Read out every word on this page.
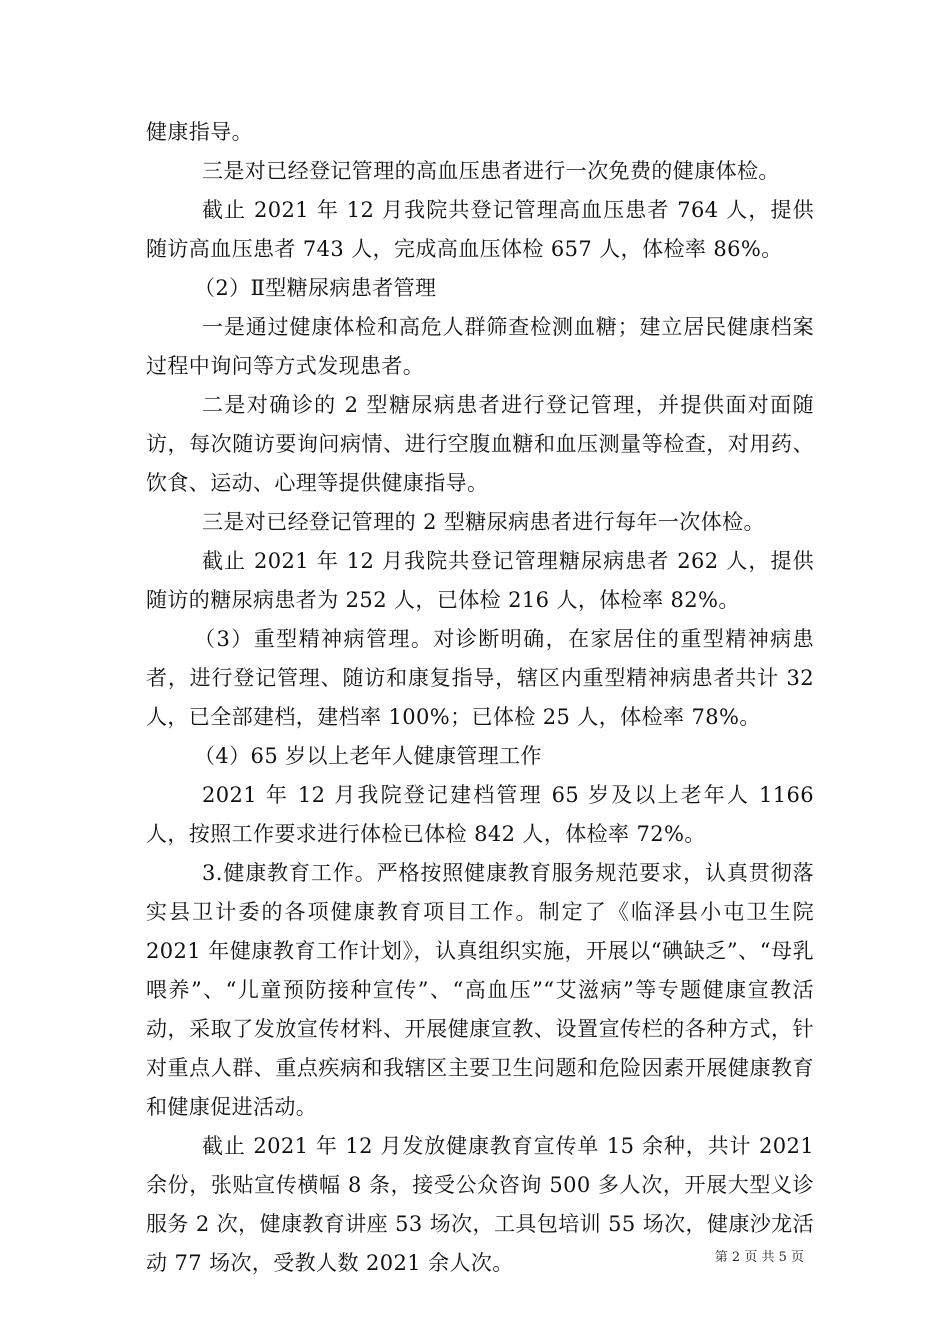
健康指导。

三是对已经登记管理的高血压患者进行一次免费的健康体检。

截止 2021 年 12 月我院共登记管理高血压患者 764 人，提供随访高血压患者 743 人，完成高血压体检 657 人，体检率 86%。

（2）Ⅱ型糖尿病患者管理

一是通过健康体检和高危人群筛查检测血糖；建立居民健康档案过程中询问等方式发现患者。

二是对确诊的 2 型糖尿病患者进行登记管理，并提供面对面随访，每次随访要询问病情、进行空腹血糖和血压测量等检查，对用药、饮食、运动、心理等提供健康指导。

三是对已经登记管理的 2 型糖尿病患者进行每年一次体检。

截止 2021 年 12 月我院共登记管理糖尿病患者 262 人，提供随访的糖尿病患者为 252 人，已体检 216 人，体检率 82%。

（3）重型精神病管理。对诊断明确，在家居住的重型精神病患者，进行登记管理、随访和康复指导，辖区内重型精神病患者共计 32 人，已全部建档，建档率 100%；已体检 25 人，体检率 78%。

（4）65 岁以上老年人健康管理工作

2021 年 12 月我院登记建档管理 65 岁及以上老年人 1166 人，按照工作要求进行体检已体检 842 人，体检率 72%。

3.健康教育工作。严格按照健康教育服务规范要求，认真贯彻落实县卫计委的各项健康教育项目工作。制定了《临泽县小屯卫生院 2021 年健康教育工作计划》，认真组织实施，开展以“碘缺乏”、“母乳喂养”、“儿童预防接种宣传”、“高血压”“艾滋病”等专题健康宣教活动，采取了发放宣传材料、开展健康宣教、设置宣传栏的各种方式，针对重点人群、重点疾病和我辖区主要卫生问题和危险因素开展健康教育和健康促进活动。

截止 2021 年 12 月发放健康教育宣传单 15 余种，共计 2021 余份，张贴宣传横幅 8 条，接受公众咨询 500 多人次，开展大型义诊服务 2 次，健康教育讲座 53 场次，工具包培训 55 场次，健康沙龙活动 77 场次，受教人数 2021 余人次。	第 2 页 共 5 页
